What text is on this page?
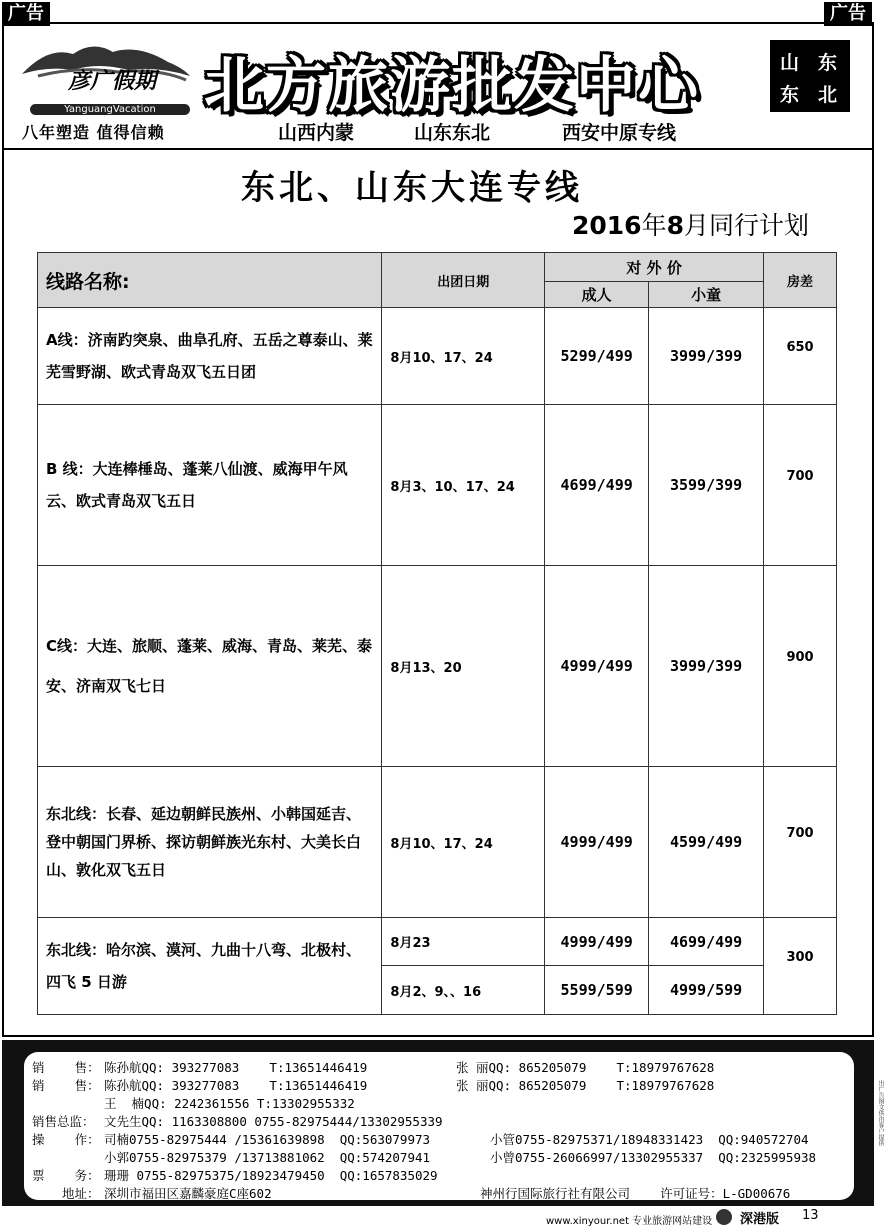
广告	广告
彦广假期
YanguangVacation
八年塑造 值得信赖
北方旅游批发中心	山 东
东 北
山西内蒙	山东东北	西安中原专线
东北、山东大连专线
2016年8月同行计划
线路名称:	出团日期	对 外 价		房差
		成人	小童	
A线：济南趵突泉、曲阜孔府、五岳之尊泰山、莱芜雪野湖、欧式青岛双飞五日团	8月10、17、24	5299/499	3999/399	650
B 线：大连棒棰岛、蓬莱八仙渡、威海甲午风云、欧式青岛双飞五日	8月3、10、17、24	4699/499	3599/399	700
C线：大连、旅顺、蓬莱、威海、青岛、莱芜、泰安、济南双飞七日	8月13、20	4999/499	3999/399	900
东北线：长春、延边朝鲜民族州、小韩国延吉、登中朝国门界桥、探访朝鲜族光东村、大美长白山、敦化双飞五日	8月10、17、24	4999/499	4599/499	700
东北线：哈尔滨、漠河、九曲十八弯、北极村、四飞 5 日游	8月23	4999/499	4699/499	300
	8月2、9、、16	5599/599	4999/599	
销    售： 陈孙航QQ: 393277083    T:13651446419	张 丽QQ: 865205079    T:18979767628
销    售： 陈孙航QQ: 393277083    T:13651446419	张 丽QQ: 865205079    T:18979767628
王  楠QQ: 2242361556 T:13302955332
销售总监： 文先生QQ: 1163308800 0755-82975444/13302955339
操    作： 司楠0755-82975444 /15361639898  QQ:563079973	小管0755-82975371/18948331423  QQ:940572704
小郭0755-82975379 /13713881062  QQ:574207941	小曾0755-26066997/13302955337  QQ:2325995938
票    务： 珊珊 0755-82975375/18923479450  QQ:1657835029
地址： 深圳市福田区嘉麟豪庭C座602	神州行国际旅行社有限公司    许可证号：L-GD00676
出广告图文供由客户提供
www.xinyour.net 专业旅游网站建设 深港版 13
